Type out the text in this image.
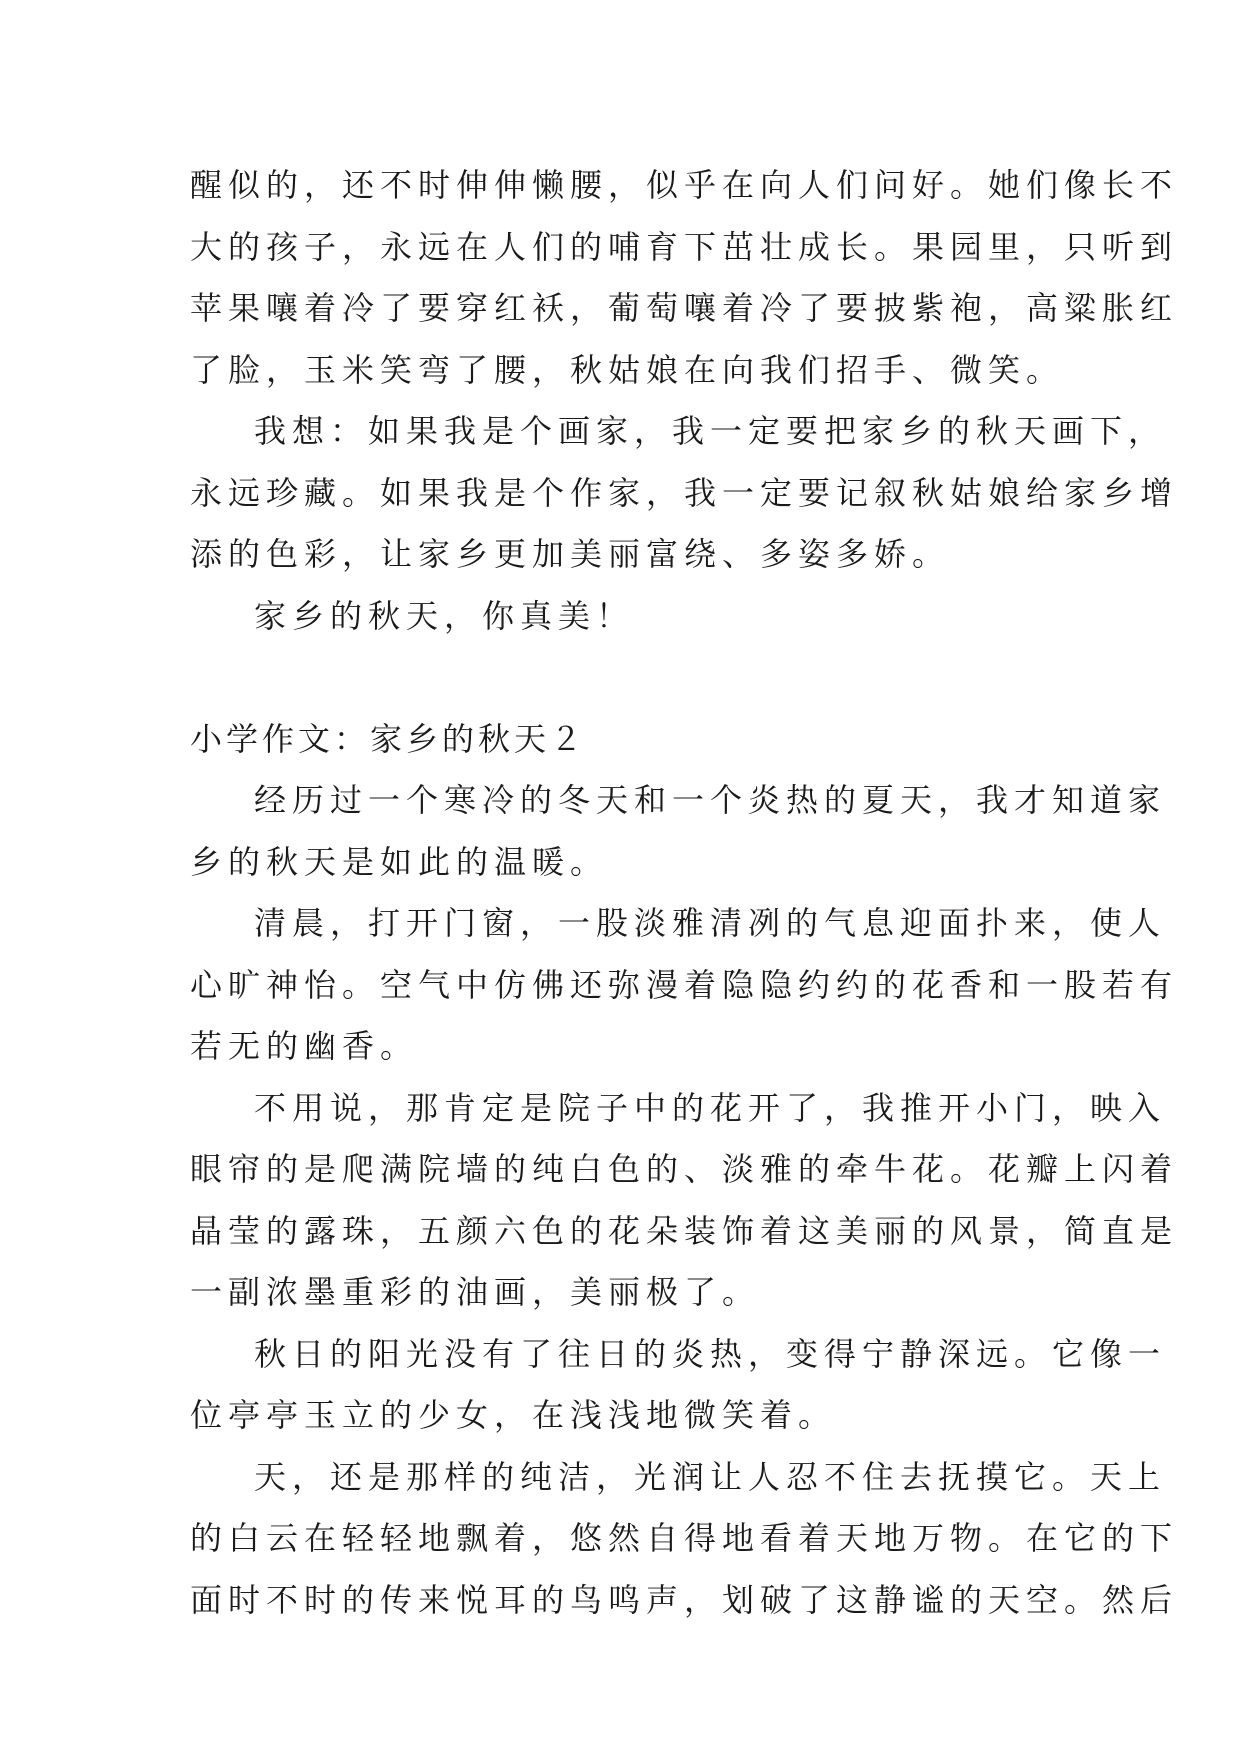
醒似的，还不时伸伸懒腰，似乎在向人们问好。她们像长不
大的孩子，永远在人们的哺育下茁壮成长。果园里，只听到
苹果嚷着冷了要穿红袄，葡萄嚷着冷了要披紫袍，高粱胀红
了脸，玉米笑弯了腰，秋姑娘在向我们招手、微笑。
我想：如果我是个画家，我一定要把家乡的秋天画下，
永远珍藏。如果我是个作家，我一定要记叙秋姑娘给家乡增
添的色彩，让家乡更加美丽富绕、多姿多娇。
家乡的秋天，你真美！
小学作文：家乡的秋天２
经历过一个寒冷的冬天和一个炎热的夏天，我才知道家
乡的秋天是如此的温暖。
清晨，打开门窗，一股淡雅清冽的气息迎面扑来，使人
心旷神怡。空气中仿佛还弥漫着隐隐约约的花香和一股若有
若无的幽香。
不用说，那肯定是院子中的花开了，我推开小门，映入
眼帘的是爬满院墙的纯白色的、淡雅的牵牛花。花瓣上闪着
晶莹的露珠，五颜六色的花朵装饰着这美丽的风景，简直是
一副浓墨重彩的油画，美丽极了。
秋日的阳光没有了往日的炎热，变得宁静深远。它像一
位亭亭玉立的少女，在浅浅地微笑着。
天，还是那样的纯洁，光润让人忍不住去抚摸它。天上
的白云在轻轻地飘着，悠然自得地看着天地万物。在它的下
面时不时的传来悦耳的鸟鸣声，划破了这静谧的天空。然后
